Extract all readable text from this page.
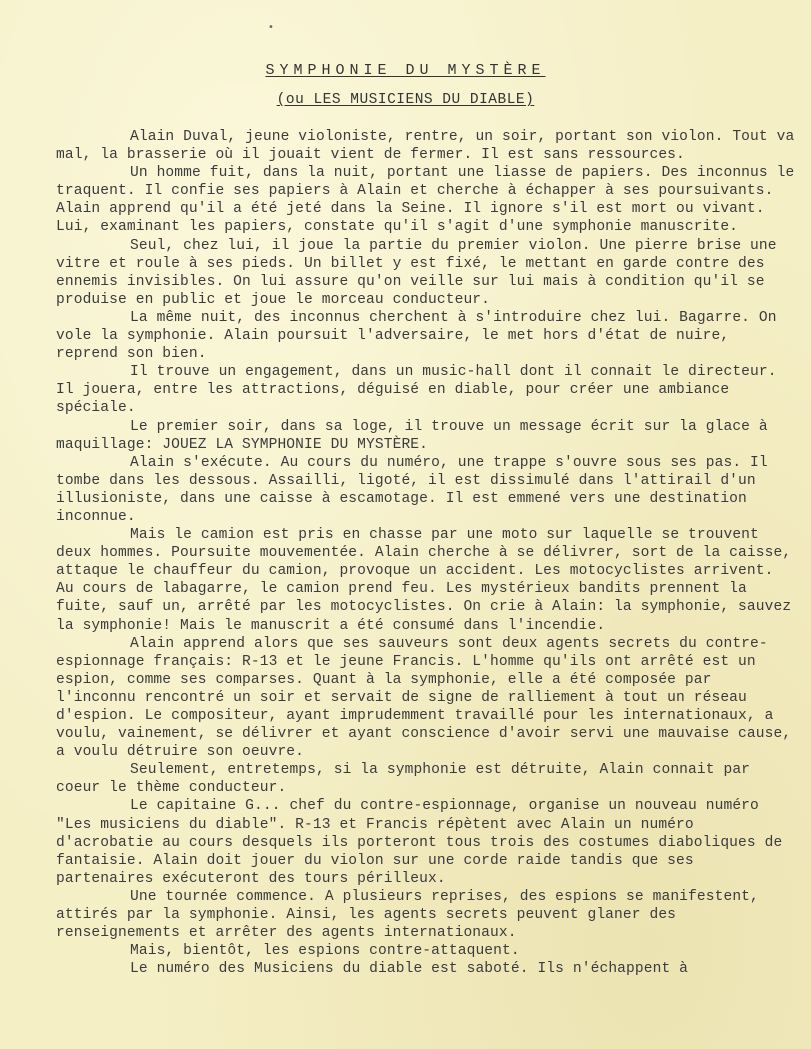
•
SYMPHONIE DU MYSTÈRE
(ou LES MUSICIENS DU DIABLE)

Alain Duval, jeune violoniste, rentre, un soir, portant son violon. Tout va mal, la brasserie où il jouait vient de fermer. Il est sans ressources.

Un homme fuit, dans la nuit, portant une liasse de papiers. Des inconnus le traquent. Il confie ses papiers à Alain et cherche à échapper à ses poursuivants. Alain apprend qu'il a été jeté dans la Seine. Il ignore s'il est mort ou vivant. Lui, examinant les papiers, constate qu'il s'agit d'une symphonie manuscrite.

Seul, chez lui, il joue la partie du premier violon. Une pierre brise une vitre et roule à ses pieds. Un billet y est fixé, le mettant en garde contre des ennemis invisibles. On lui assure qu'on veille sur lui mais à condition qu'il se produise en public et joue le morceau conducteur.

La même nuit, des inconnus cherchent à s'introduire chez lui. Bagarre. On vole la symphonie. Alain poursuit l'adversaire, le met hors d'état de nuire, reprend son bien.

Il trouve un engagement, dans un music-hall dont il connait le directeur. Il jouera, entre les attractions, déguisé en diable, pour créer une ambiance spéciale.

Le premier soir, dans sa loge, il trouve un message écrit sur la glace à maquillage: JOUEZ LA SYMPHONIE DU MYSTÈRE.

Alain s'exécute. Au cours du numéro, une trappe s'ouvre sous ses pas. Il tombe dans les dessous. Assailli, ligoté, il est dissimulé dans l'attirail d'un illusioniste, dans une caisse à escamotage. Il est emmené vers une destination inconnue.

Mais le camion est pris en chasse par une moto sur laquelle se trouvent deux hommes. Poursuite mouvementée. Alain cherche à se délivrer, sort de la caisse, attaque le chauffeur du camion, provoque un accident. Les motocyclistes arrivent. Au cours de labagarre, le camion prend feu. Les mystérieux bandits prennent la fuite, sauf un, arrêté par les motocyclistes. On crie à Alain: la symphonie, sauvez la symphonie! Mais le manuscrit a été consumé dans l'incendie.

Alain apprend alors que ses sauveurs sont deux agents secrets du contre-espionnage français: R-13 et le jeune Francis. L'homme qu'ils ont arrêté est un espion, comme ses comparses. Quant à la symphonie, elle a été composée par l'inconnu rencontré un soir et servait de signe de ralliement à tout un réseau d'espion. Le compositeur, ayant imprudemment travaillé pour les internationaux, a voulu, vainement, se délivrer et ayant conscience d'avoir servi une mauvaise cause, a voulu détruire son oeuvre.

Seulement, entretemps, si la symphonie est détruite, Alain connait par coeur le thème conducteur.

Le capitaine G... chef du contre-espionnage, organise un nouveau numéro "Les musiciens du diable". R-13 et Francis répètent avec Alain un numéro d'acrobatie au cours desquels ils porteront tous trois des costumes diaboliques de fantaisie. Alain doit jouer du violon sur une corde raide tandis que ses partenaires exécuteront des tours périlleux.

Une tournée commence. A plusieurs reprises, des espions se manifestent, attirés par la symphonie. Ainsi, les agents secrets peuvent glaner des renseignements et arrêter des agents internationaux.

Mais, bientôt, les espions contre-attaquent.

Le numéro des Musiciens du diable est saboté. Ils n'échappent à
